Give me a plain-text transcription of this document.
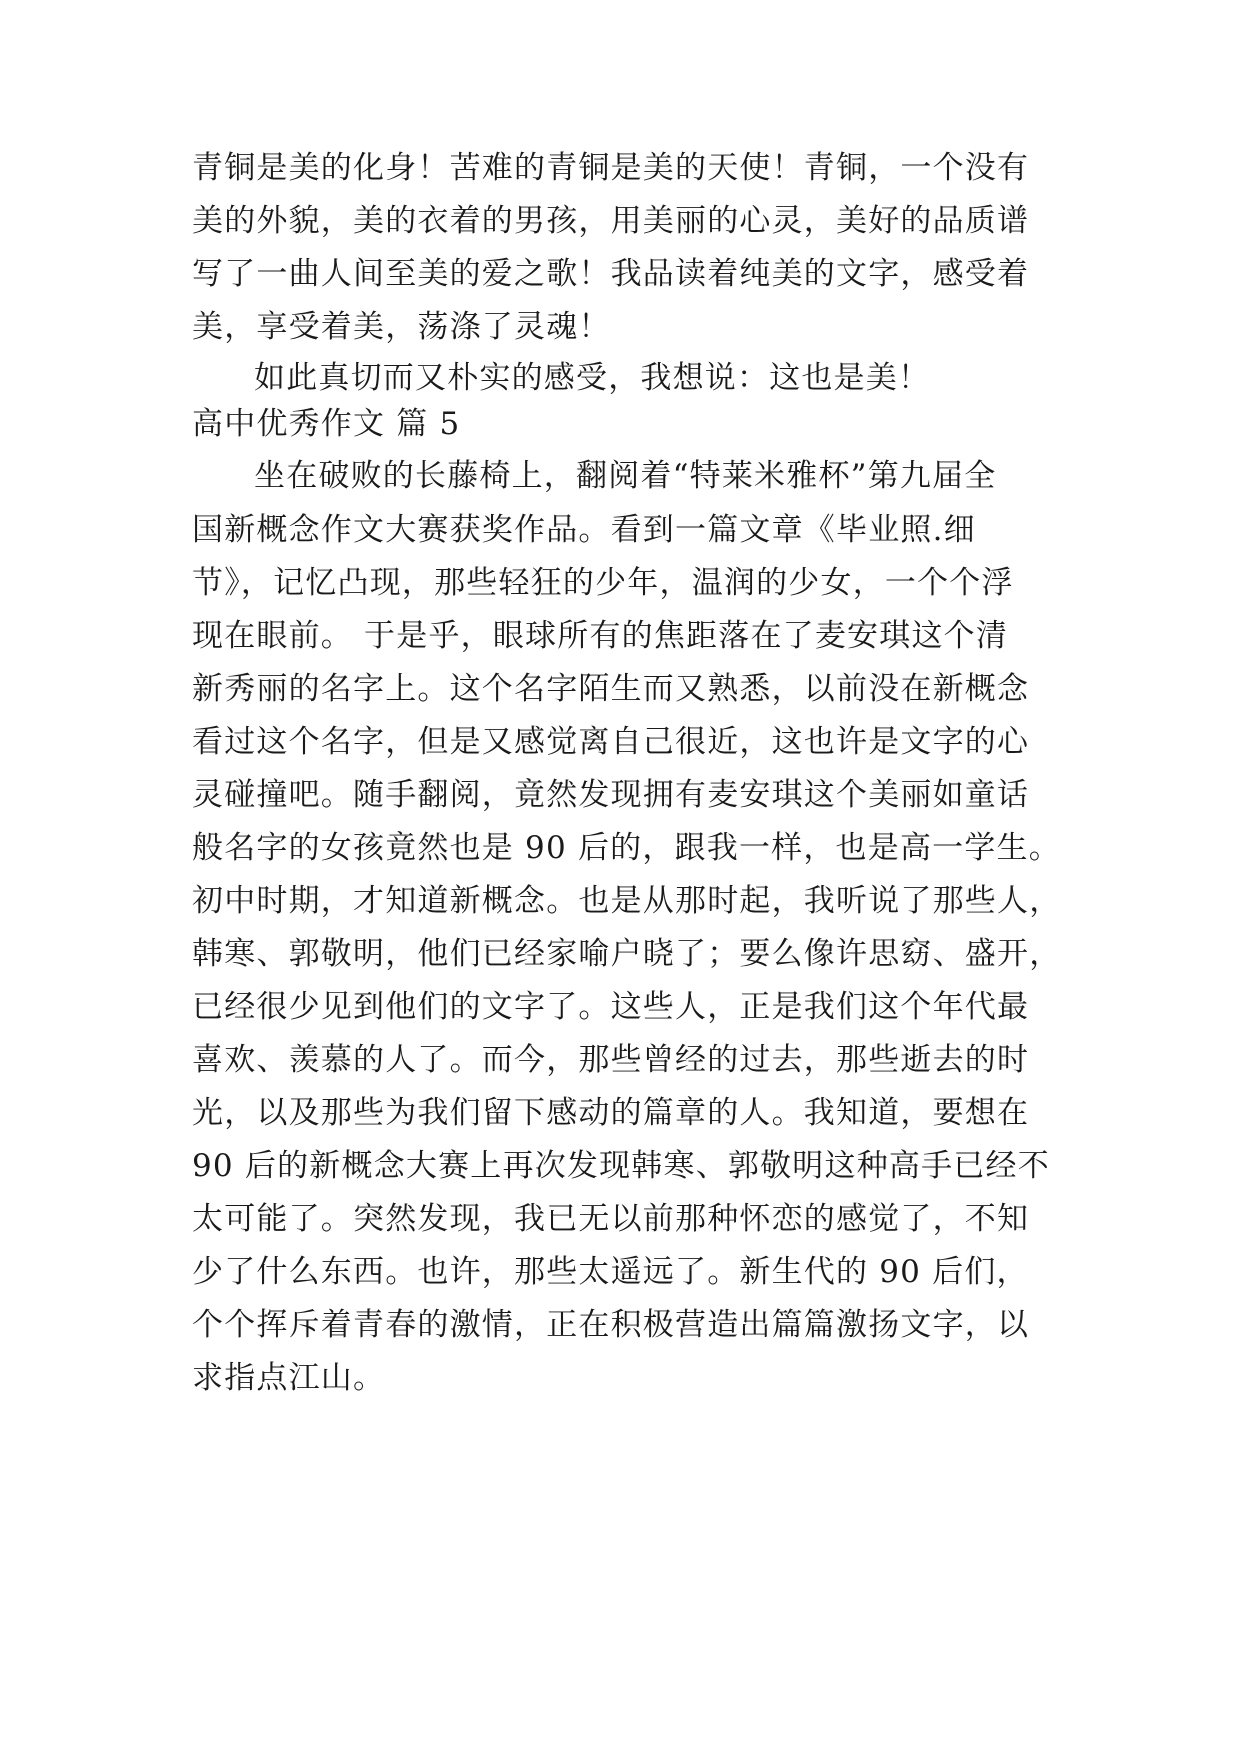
青铜是美的化身！苦难的青铜是美的天使！青铜，一个没有
美的外貌，美的衣着的男孩，用美丽的心灵，美好的品质谱
写了一曲人间至美的爱之歌！我品读着纯美的文字，感受着
美，享受着美，荡涤了灵魂！
如此真切而又朴实的感受，我想说：这也是美！
高中优秀作文 篇 5
坐在破败的长藤椅上，翻阅着“特莱米雅杯”第九届全
国新概念作文大赛获奖作品。看到一篇文章《毕业照.细
节》，记忆凸现，那些轻狂的少年，温润的少女，一个个浮
现在眼前。 于是乎，眼球所有的焦距落在了麦安琪这个清
新秀丽的名字上。这个名字陌生而又熟悉，以前没在新概念
看过这个名字，但是又感觉离自己很近，这也许是文字的心
灵碰撞吧。随手翻阅，竟然发现拥有麦安琪这个美丽如童话
般名字的女孩竟然也是 90 后的，跟我一样，也是高一学生。
初中时期，才知道新概念。也是从那时起，我听说了那些人，
韩寒、郭敬明，他们已经家喻户晓了；要么像许思窈、盛开，
已经很少见到他们的文字了。这些人，正是我们这个年代最
喜欢、羡慕的人了。而今，那些曾经的过去，那些逝去的时
光，以及那些为我们留下感动的篇章的人。我知道，要想在
90 后的新概念大赛上再次发现韩寒、郭敬明这种高手已经不
太可能了。突然发现，我已无以前那种怀恋的感觉了，不知
少了什么东西。也许，那些太遥远了。新生代的 90 后们，
个个挥斥着青春的激情，正在积极营造出篇篇激扬文字，以
求指点江山。
